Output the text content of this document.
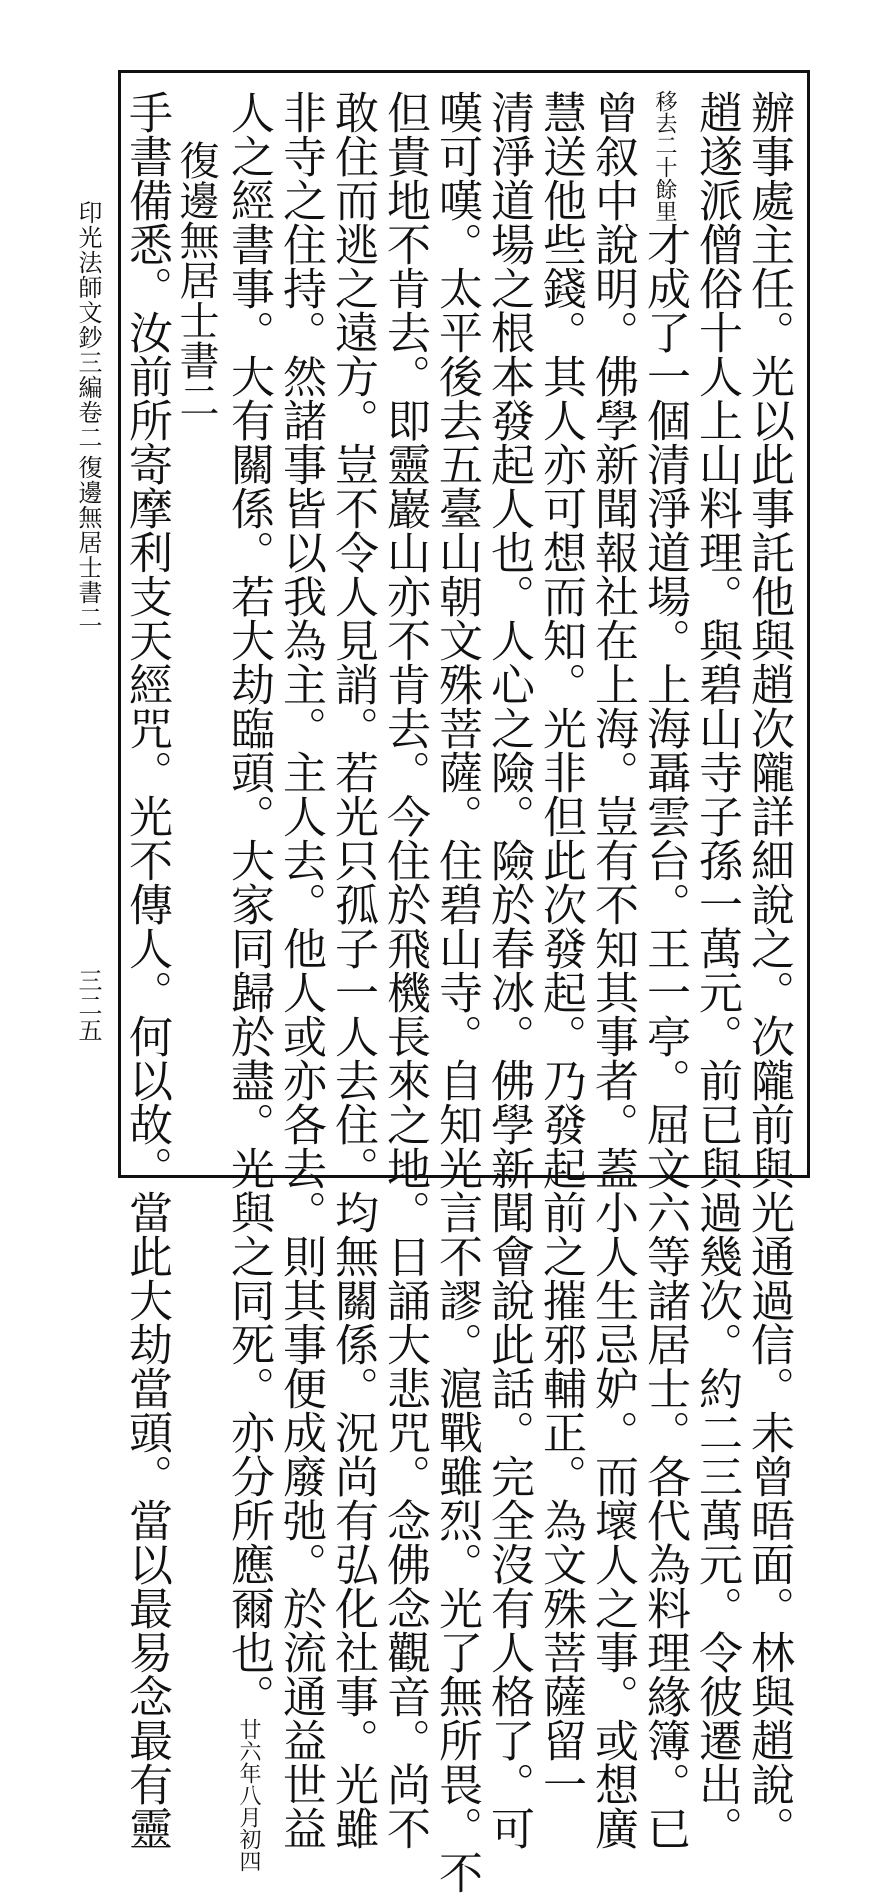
印光法師文鈔三編卷二
復邊無居士書二
三二五	辦事處主任。光以此事託他與趙次隴詳細說之。次隴前與光通過信。未曾晤面。林與趙說。
趙遂派僧俗十人上山料理。與碧山寺子孫一萬元。前已與過幾次。約二三萬元。令彼遷出。
移去二十餘里才成了一個清淨道場。上海聶雲台。王一亭。屈文六等諸居士。各代為料理緣簿。已
曾叙中說明。佛學新聞報社在上海。豈有不知其事者。蓋小人生忌妒。而壞人之事。或想廣
慧送他些錢。其人亦可想而知。光非但此次發起。乃發起前之摧邪輔正。為文殊菩薩留一
清淨道場之根本發起人也。人心之險。險於春冰。佛學新聞會說此話。完全沒有人格了。可
嘆可嘆。太平後去五臺山朝文殊菩薩。住碧山寺。自知光言不謬。滬戰雖烈。光了無所畏。不
但貴地不肯去。即靈巖山亦不肯去。今住於飛機長來之地。日誦大悲咒。念佛念觀音。尚不
敢住而逃之遠方。豈不令人見誚。若光只孤子一人去住。均無關係。況尚有弘化社事。光雖
非寺之住持。然諸事皆以我為主。主人去。他人或亦各去。則其事便成廢弛。於流通益世益
人之經書事。大有關係。若大劫臨頭。大家同歸於盡。光與之同死。亦分所應爾也。廿六年八月初四
復邊無居士書二
手書備悉。汝前所寄摩利支天經咒。光不傳人。何以故。當此大劫當頭。當以最易念最有靈
